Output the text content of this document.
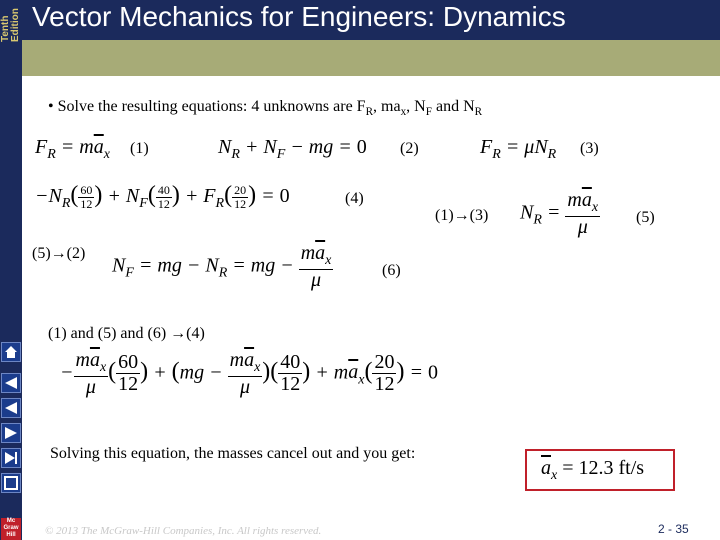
Tenth Edition Vector Mechanics for Engineers: Dynamics
Mc
Graw
Hill
• Solve the resulting equations: 4 unknowns are $F_R$, $ma_x$, $N_F$ and $N_R$
$F_R = m\overline{a}_x$ (1)	$N_R + N_F$ − mg = 0 (2)	$F_R = \mu N_R$ (3)
$-N_R( \frac{60}{12}$ ) + $N_F( \frac{40}{12}$ ) + $F_R( \frac{20}{12}$ ) = 0	(4)
(1)→(3) $N_R = \frac{m\overline{a}_x}{\mu} (5)$
(5)→(2)
$N_F$ = mg − $N_R$ = mg − $\frac{m\overline{a}_x}{\mu}$	(6)
(1) and (5) and (6) →(4)
− $\frac{m\overline{a}_x}{\mu}$ ( $\frac{60}{12}$ ) + ($mg - \frac{m\overline{a}_x}{\mu}$ )( $\frac{40}{12}$ ) + $m\overline{a}_x( \frac{20}{12}$ ) = 0
Solving this equation, the masses cancel out and you get:
$\overline{a}_x = 12.3$ ft/s
© 2013 The McGraw-Hill Companies, Inc. All rights reserved.	2 - 35
